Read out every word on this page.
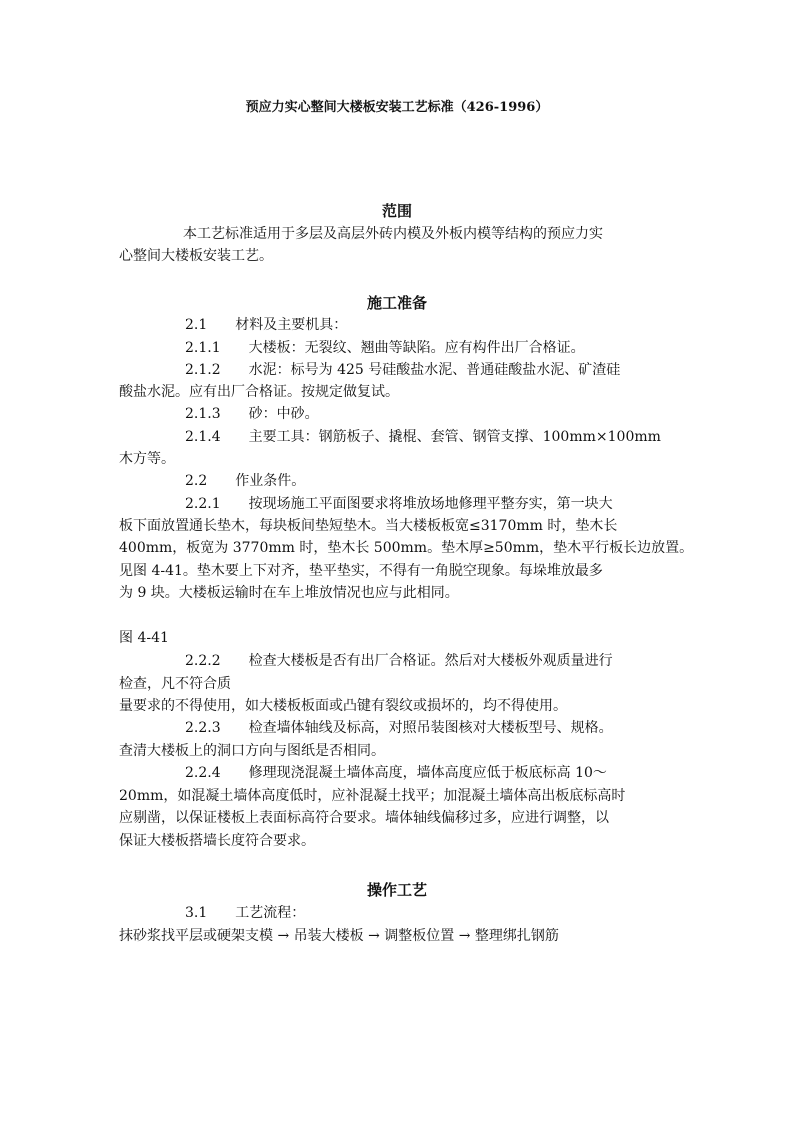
预应力实心整间大楼板安装工艺标准（426-1996）
范围
本工艺标准适用于多层及高层外砖内模及外板内模等结构的预应力实
心整间大楼板安装工艺。
施工准备
2.1　　材料及主要机具：
2.1.1　　大楼板：无裂纹、翘曲等缺陷。应有构件出厂合格证。
2.1.2　　水泥：标号为 425 号硅酸盐水泥、普通硅酸盐水泥、矿渣硅
酸盐水泥。应有出厂合格证。按规定做复试。
2.1.3　　砂：中砂。
2.1.4　　主要工具：钢筋板子、撬棍、套管、钢管支撑、100mm×100mm
木方等。
2.2　　作业条件。
2.2.1　　按现场施工平面图要求将堆放场地修理平整夯实，第一块大
板下面放置通长垫木，每块板间垫短垫木。当大楼板板宽≤3170mm 时，垫木长
400mm，板宽为 3770mm 时，垫木长 500mm。垫木厚≥50mm，垫木平行板长边放置。
见图 4-41。垫木要上下对齐，垫平垫实，不得有一角脱空现象。每垛堆放最多
为 9 块。大楼板运输时在车上堆放情况也应与此相同。
图 4-41
2.2.2　　检查大楼板是否有出厂合格证。然后对大楼板外观质量进行
检查，凡不符合质
量要求的不得使用，如大楼板板面或凸键有裂纹或损坏的，均不得使用。
2.2.3　　检查墙体轴线及标高，对照吊装图核对大楼板型号、规格。
查清大楼板上的洞口方向与图纸是否相同。
2.2.4　　修理现浇混凝土墙体高度，墙体高度应低于板底标高 10～
20mm，如混凝土墙体高度低时，应补混凝土找平；加混凝土墙体高出板底标高时
应剔凿，以保证楼板上表面标高符合要求。墙体轴线偏移过多，应进行调整，以
保证大楼板搭墙长度符合要求。
操作工艺
3.1　　工艺流程：
抹砂浆找平层或硬架支模 → 吊装大楼板 → 调整板位置 → 整理绑扎钢筋
